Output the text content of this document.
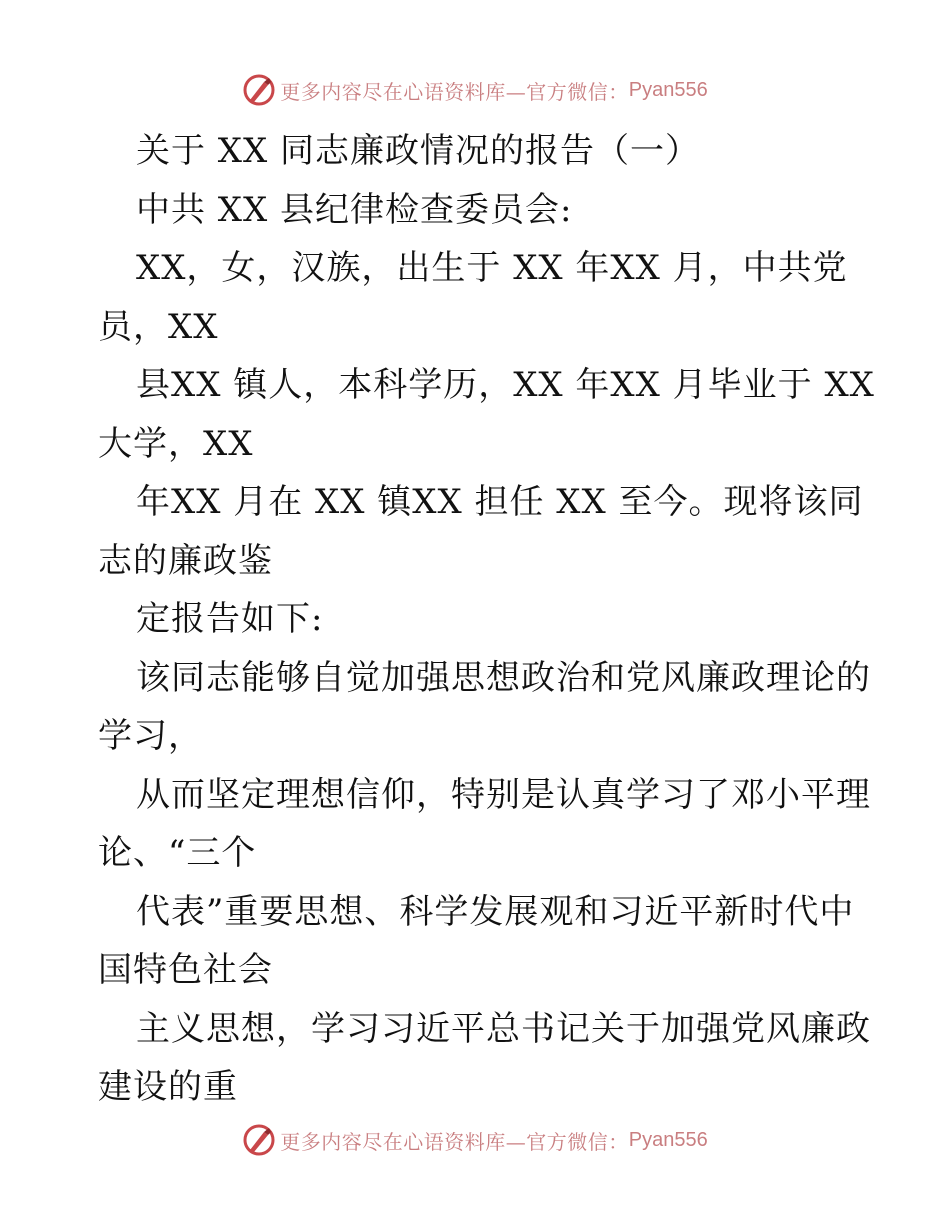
更多内容尽在心语资料库—官方微信： Pyan556
关于 XX 同志廉政情况的报告（一）
中共 XX 县纪律检查委员会:
XX，女，汉族，出生于 XX 年XX 月，中共党
员，XX
县XX 镇人，本科学历，XX 年XX 月毕业于 XX
大学，XX
年XX 月在 XX 镇XX 担任 XX 至今。现将该同
志的廉政鉴
定报告如下:
该同志能够自觉加强思想政治和党风廉政理论的
学习，
从而坚定理想信仰，特别是认真学习了邓小平理
论、“三个
代表”重要思想、科学发展观和习近平新时代中
国特色社会
主义思想，学习习近平总书记关于加强党风廉政
建设的重
更多内容尽在心语资料库—官方微信： Pyan556
